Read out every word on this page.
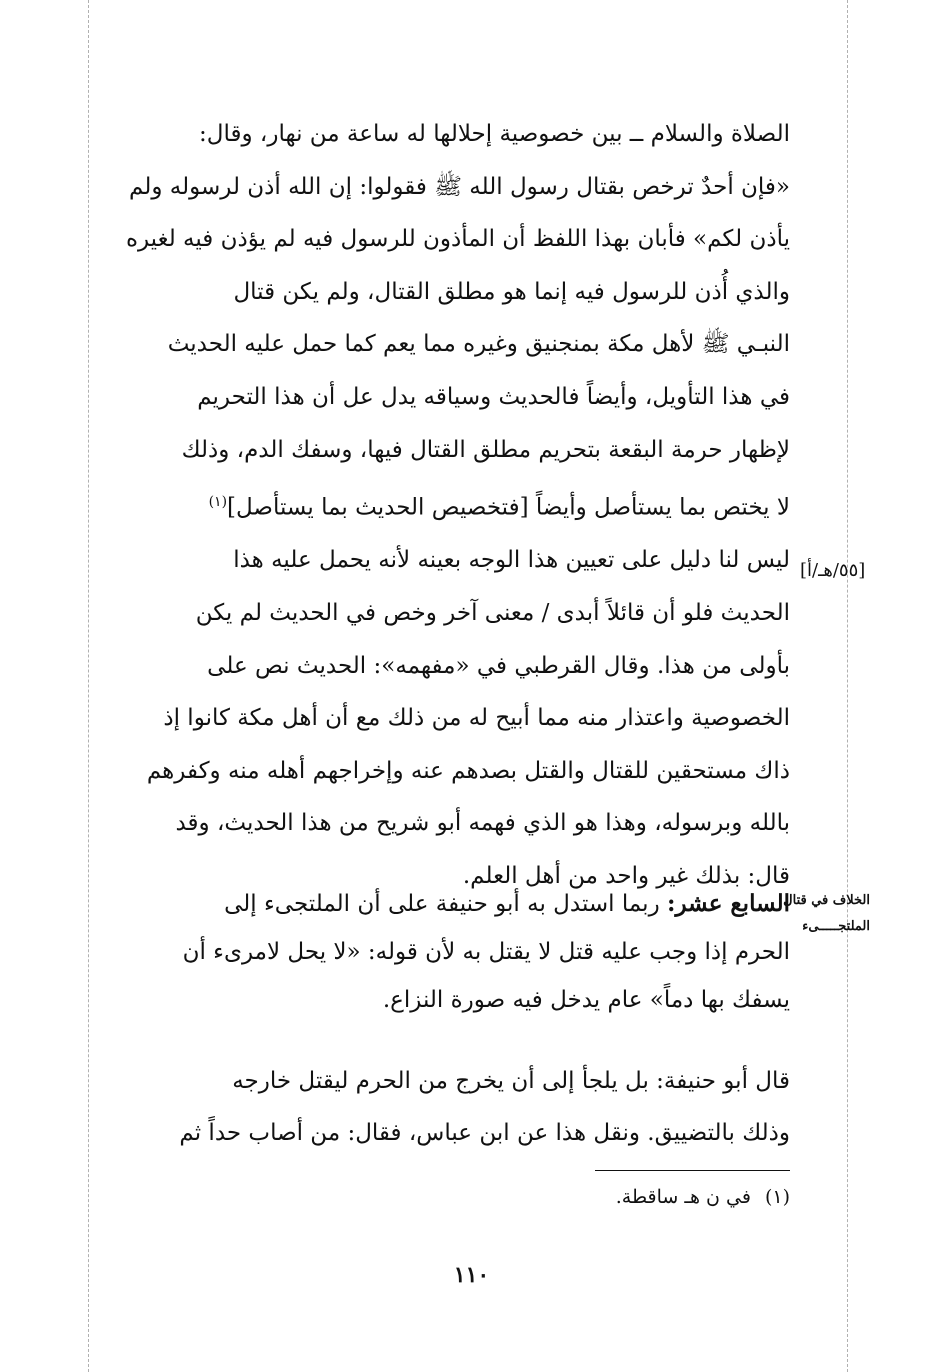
الصلاة والسلام ــ بين خصوصية إحلالها له ساعة من نهار، وقال:
«فإن أحدٌ ترخص بقتال رسول الله ﷺ فقولوا: إن الله أذن لرسوله ولم
يأذن لكم» فأبان بهذا اللفظ أن المأذون للرسول فيه لم يؤذن فيه لغيره
والذي أُذن للرسول فيه إنما هو مطلق القتال، ولم يكن قتال
النبـي ﷺ لأهل مكة بمنجنيق وغيره مما يعم كما حمل عليه الحديث
في هذا التأويل، وأيضاً فالحديث وسياقه يدل عل أن هذا التحريم
لإظهار حرمة البقعة بتحريم مطلق القتال فيها، وسفك الدم، وذلك
لا يختص بما يستأصل وأيضاً [فتخصيص الحديث بما يستأصل]$^{(١)}$
ليس لنا دليل على تعيين هذا الوجه بعينه لأنه يحمل عليه هذا
الحديث فلو أن قائلاً أبدى / معنى آخر وخص في الحديث لم يكن
بأولى من هذا. وقال القرطبي في «مفهمه»: الحديث نص على
الخصوصية واعتذار منه مما أبيح له من ذلك مع أن أهل مكة كانوا إذ
ذاك مستحقين للقتال والقتل بصدهم عنه وإخراجهم أهله منه وكفرهم
بالله وبرسوله، وهذا هو الذي فهمه أبو شريح من هذا الحديث، وقد
قال: بذلك غير واحد من أهل العلم.
[٥٥/هـ/أ]
الخلاف في قتال
الملتجـــــىء
السابع عشر: ربما استدل به أبو حنيفة على أن الملتجىء إلى
الحرم إذا وجب عليه قتل لا يقتل به لأن قوله: «لا يحل لامرىء أن
يسفك بها دماً» عام يدخل فيه صورة النزاع.
قال أبو حنيفة: بل يلجأ إلى أن يخرج من الحرم ليقتل خارجه
وذلك بالتضييق. ونقل هذا عن ابن عباس، فقال: من أصاب حداً ثم
(١)في ن هـ ساقطة.
١١٠
